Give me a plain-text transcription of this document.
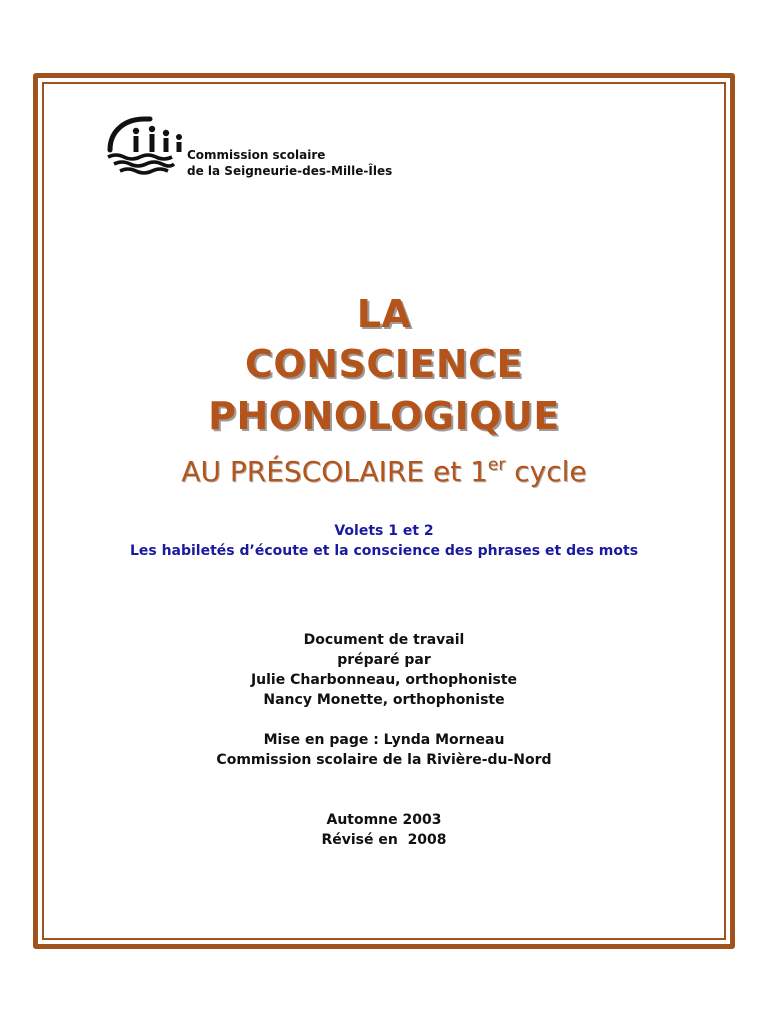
Commission scolaire
de la Seigneurie-des-Mille-Îles
LA
CONSCIENCE
PHONOLOGIQUE
AU PRÉSCOLAIRE et 1er cycle
Volets 1 et 2
Les habiletés d’écoute et la conscience des phrases et des mots
Document de travail
préparé par
Julie Charbonneau, orthophoniste
Nancy Monette, orthophoniste
Mise en page : Lynda Morneau
Commission scolaire de la Rivière-du-Nord
Automne 2003
Révisé en  2008
